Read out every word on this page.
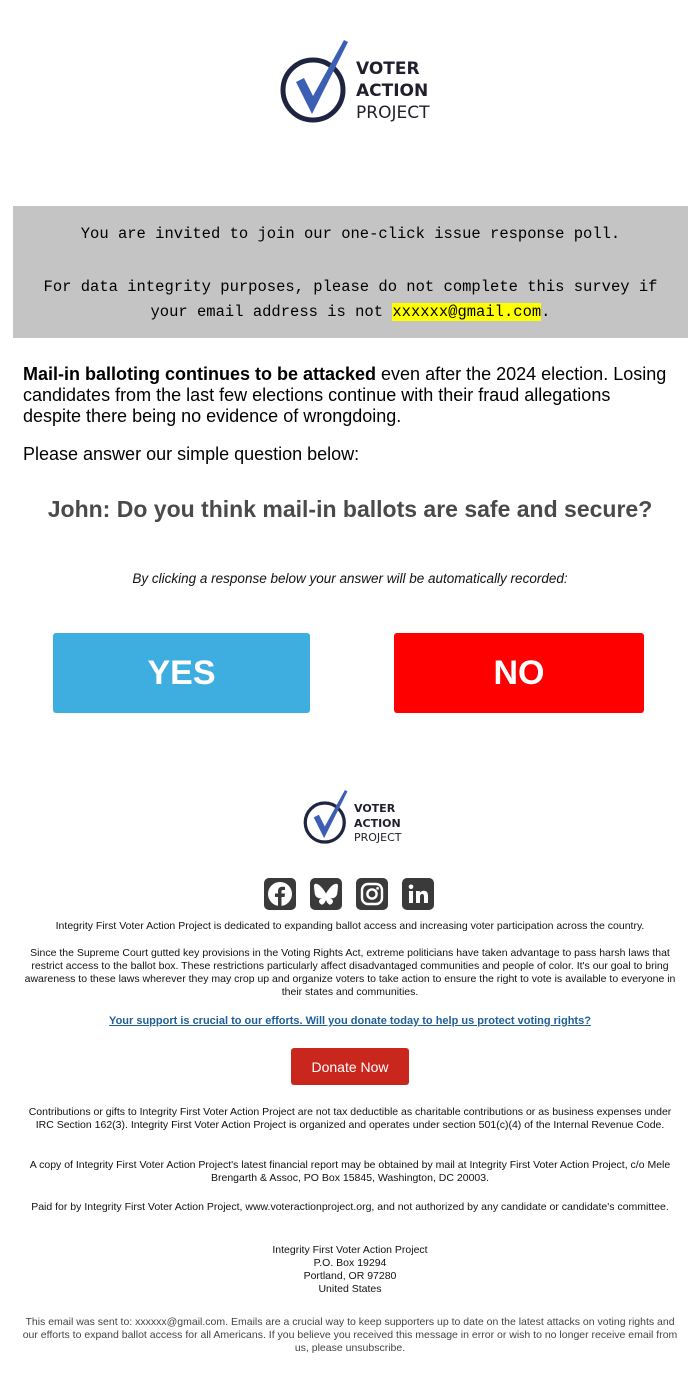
VOTER
ACTION
PROJECT

You are invited to join our one-click issue response poll.

For data integrity purposes, please do not complete this survey if your email address is not xxxxxx@gmail.com.

Mail-in balloting continues to be attacked even after the 2024 election. Losing candidates from the last few elections continue with their fraud allegations despite there being no evidence of wrongdoing.

Please answer our simple question below:

John: Do you think mail-in ballots are safe and secure?

By clicking a response below your answer will be automatically recorded:

YES	NO
VOTER
ACTION
PROJECT

Integrity First Voter Action Project is dedicated to expanding ballot access and increasing voter participation across the country.

Since the Supreme Court gutted key provisions in the Voting Rights Act, extreme politicians have taken advantage to pass harsh laws that restrict access to the ballot box. These restrictions particularly affect disadvantaged communities and people of color. It's our goal to bring awareness to these laws wherever they may crop up and organize voters to take action to ensure the right to vote is available to everyone in their states and communities.

Your support is crucial to our efforts. Will you donate today to help us protect voting rights?

Donate Now

Contributions or gifts to Integrity First Voter Action Project are not tax deductible as charitable contributions or as business expenses under IRC Section 162(3). Integrity First Voter Action Project is organized and operates under section 501(c)(4) of the Internal Revenue Code.

A copy of Integrity First Voter Action Project's latest financial report may be obtained by mail at Integrity First Voter Action Project, c/o Mele Brengarth & Assoc, PO Box 15845, Washington, DC 20003.

Paid for by Integrity First Voter Action Project, www.voteractionproject.org, and not authorized by any candidate or candidate's committee.

Integrity First Voter Action Project
P.O. Box 19294
Portland, OR 97280
United States

This email was sent to: xxxxxx@gmail.com. Emails are a crucial way to keep supporters up to date on the latest attacks on voting rights and our efforts to expand ballot access for all Americans. If you believe you received this message in error or wish to no longer receive email from us, please unsubscribe.
